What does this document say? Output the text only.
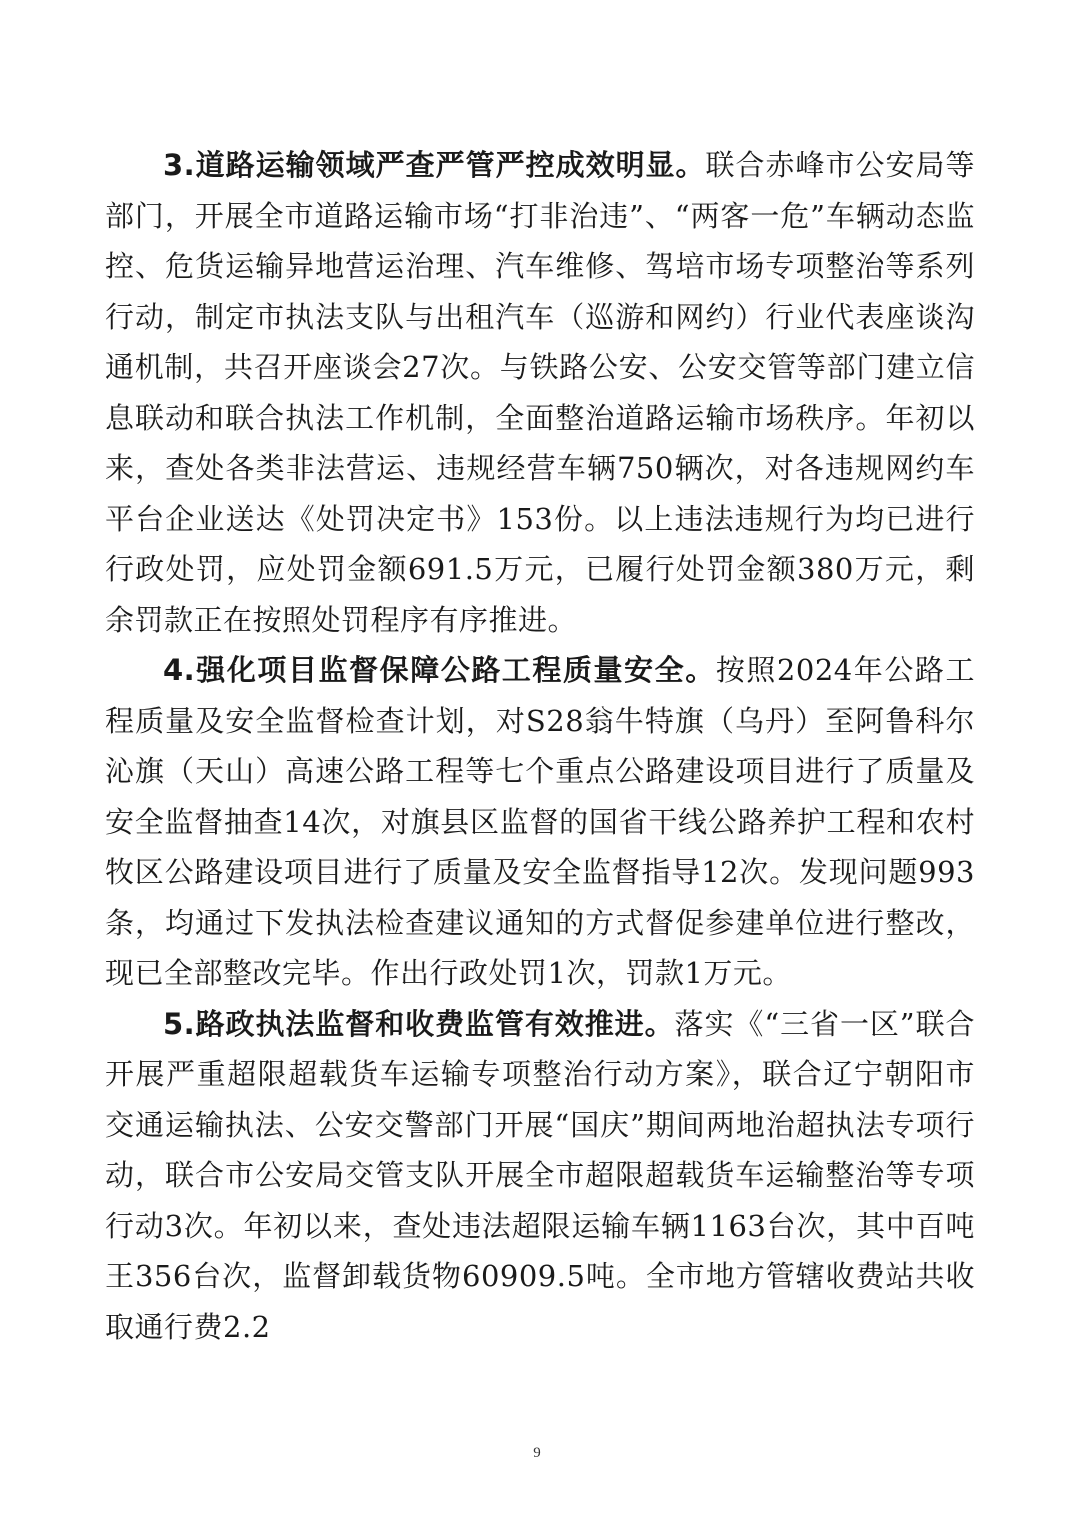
3.道路运输领域严查严管严控成效明显。联合赤峰市公安局等部门，开展全市道路运输市场“打非治违”、“两客一危”车辆动态监控、危货运输异地营运治理、汽车维修、驾培市场专项整治等系列行动，制定市执法支队与出租汽车（巡游和网约）行业代表座谈沟通机制，共召开座谈会27次。与铁路公安、公安交管等部门建立信息联动和联合执法工作机制，全面整治道路运输市场秩序。年初以来，查处各类非法营运、违规经营车辆750辆次，对各违规网约车平台企业送达《处罚决定书》153份。以上违法违规行为均已进行行政处罚，应处罚金额691.5万元，已履行处罚金额380万元，剩余罚款正在按照处罚程序有序推进。

4.强化项目监督保障公路工程质量安全。按照2024年公路工程质量及安全监督检查计划，对S28翁牛特旗（乌丹）至阿鲁科尔沁旗（天山）高速公路工程等七个重点公路建设项目进行了质量及安全监督抽查14次，对旗县区监督的国省干线公路养护工程和农村牧区公路建设项目进行了质量及安全监督指导12次。发现问题993条，均通过下发执法检查建议通知的方式督促参建单位进行整改，现已全部整改完毕。作出行政处罚1次，罚款1万元。

5.路政执法监督和收费监管有效推进。落实《“三省一区”联合开展严重超限超载货车运输专项整治行动方案》，联合辽宁朝阳市交通运输执法、公安交警部门开展“国庆”期间两地治超执法专项行动，联合市公安局交管支队开展全市超限超载货车运输整治等专项行动3次。年初以来，查处违法超限运输车辆1163台次，其中百吨王356台次，监督卸载货物60909.5吨。全市地方管辖收费站共收取通行费2.2

9
